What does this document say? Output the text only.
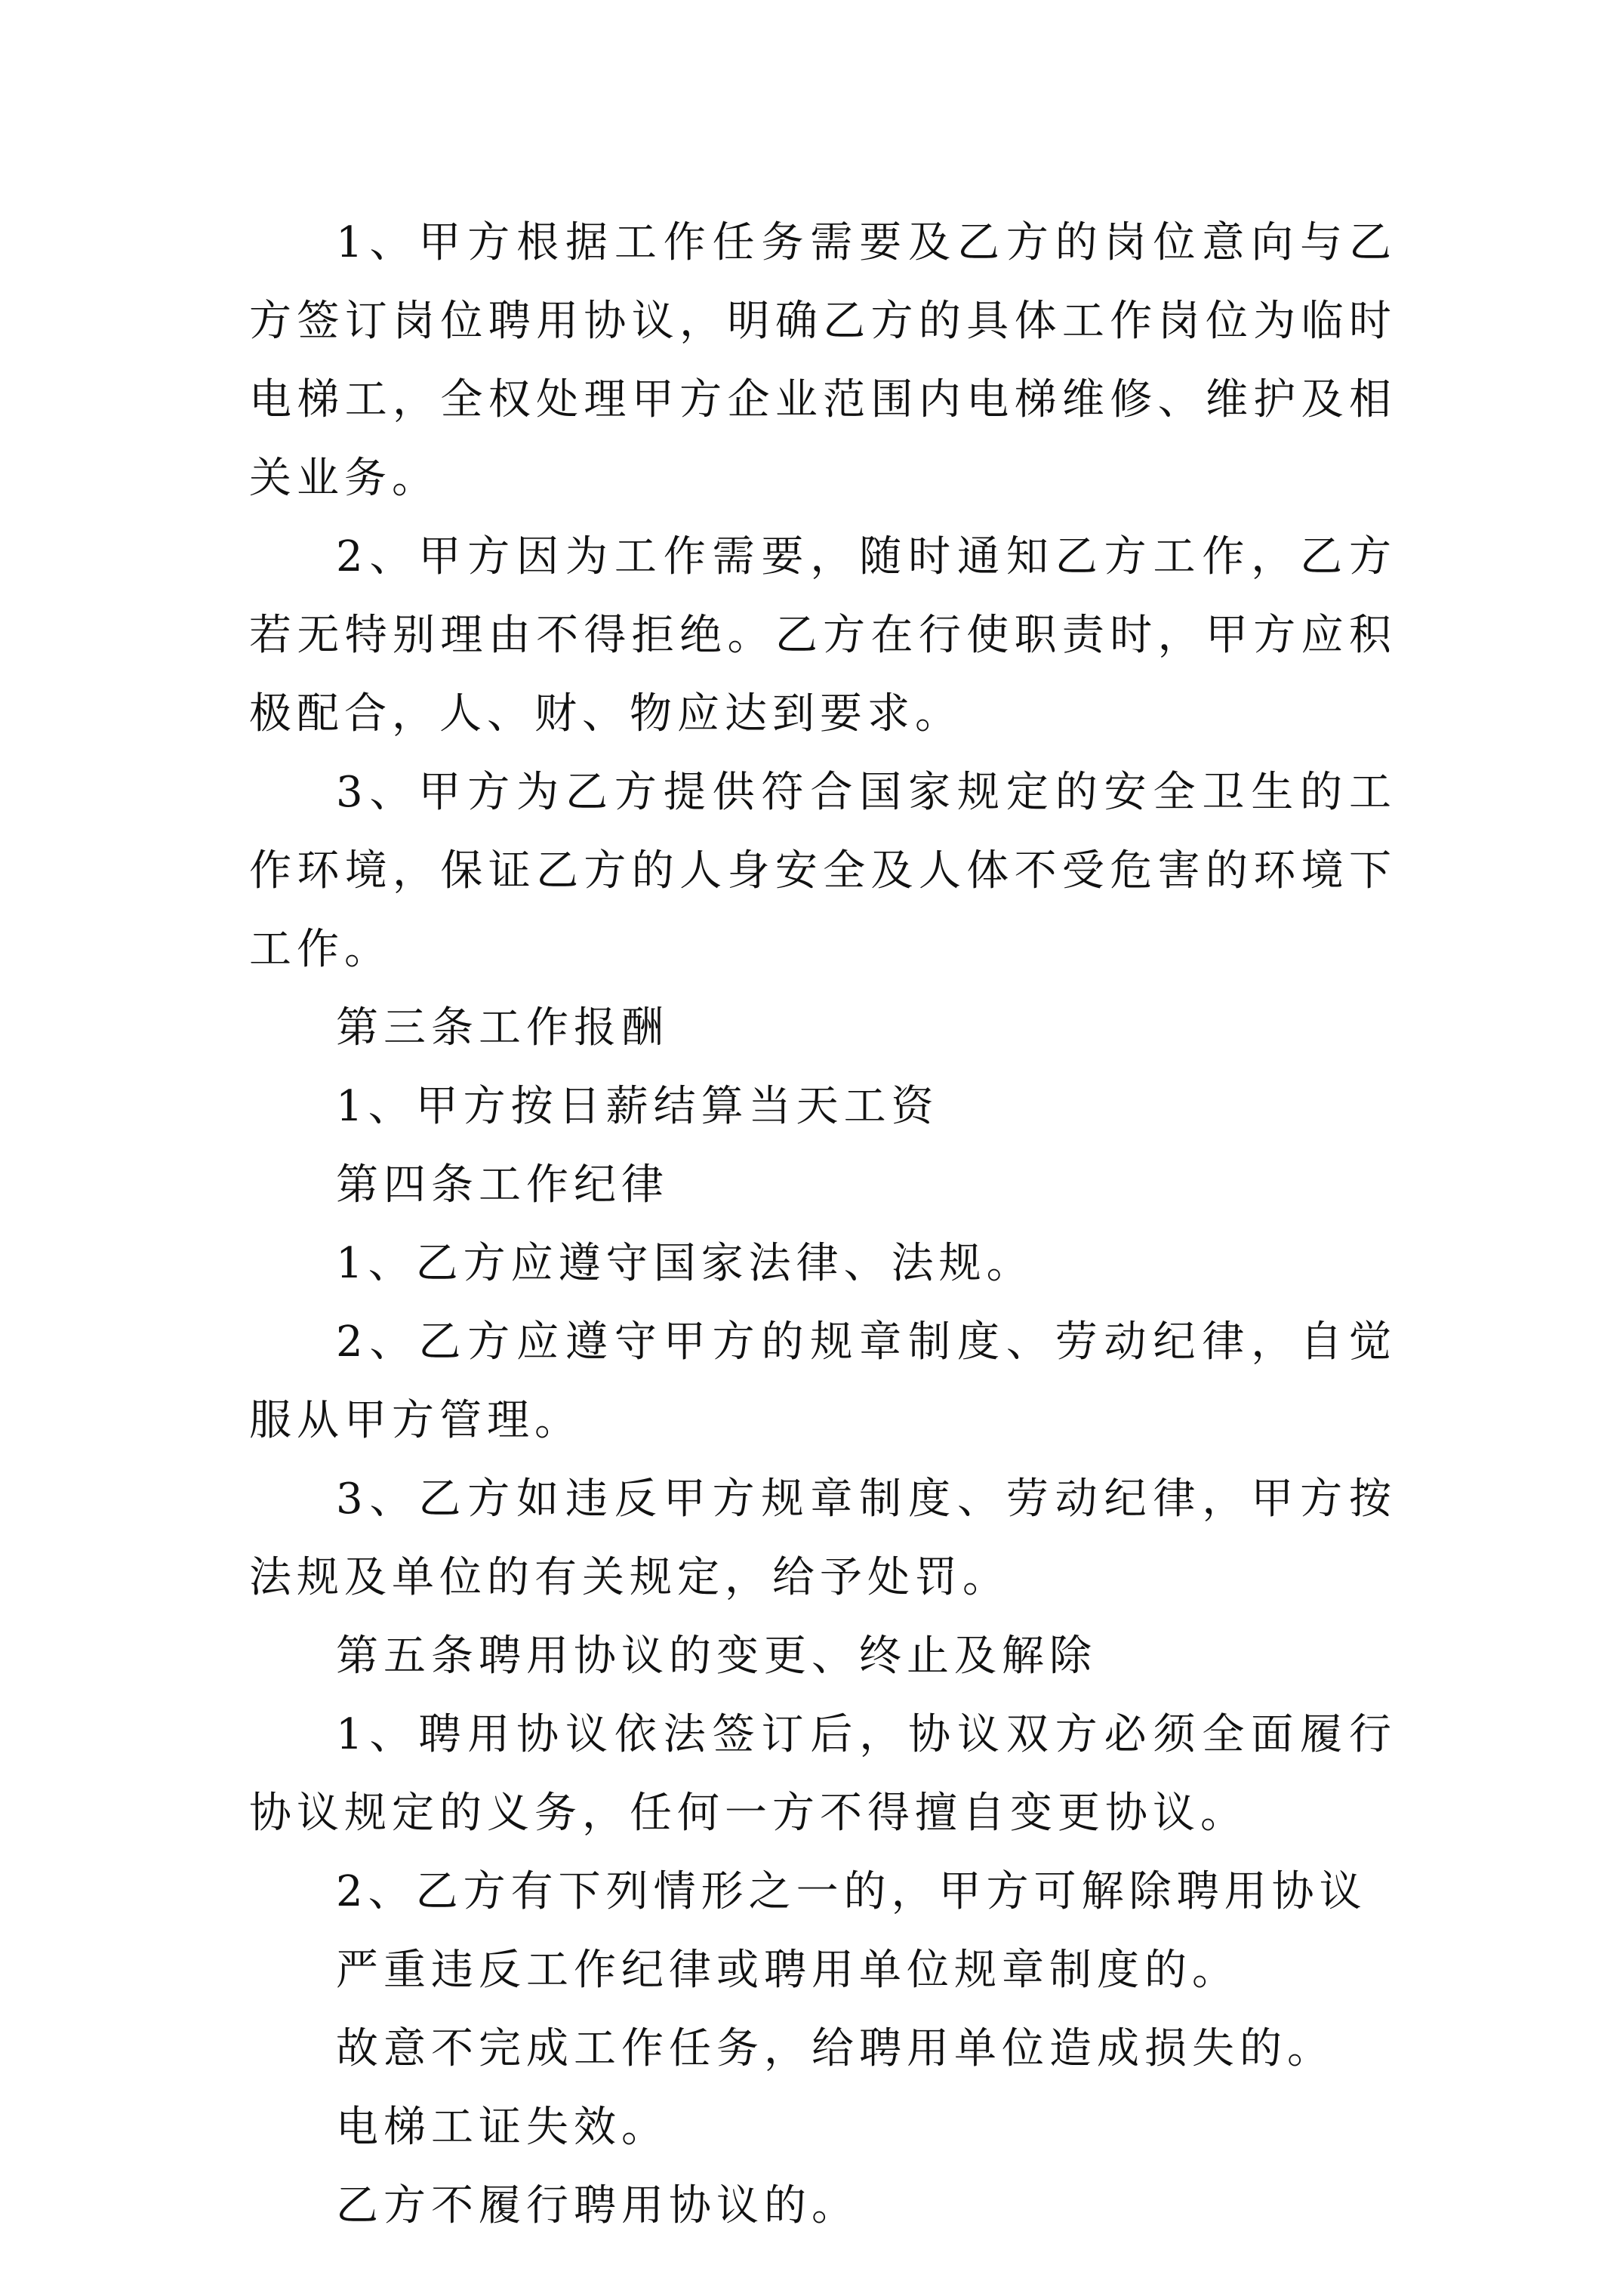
1、甲方根据工作任务需要及乙方的岗位意向与乙方签订岗位聘用协议，明确乙方的具体工作岗位为临时电梯工，全权处理甲方企业范围内电梯维修、维护及相关业务。

2、甲方因为工作需要，随时通知乙方工作，乙方若无特别理由不得拒绝。乙方在行使职责时，甲方应积极配合，人、财、物应达到要求。

3、甲方为乙方提供符合国家规定的安全卫生的工作环境，保证乙方的人身安全及人体不受危害的环境下工作。

第三条工作报酬

1、甲方按日薪结算当天工资

第四条工作纪律

1、乙方应遵守国家法律、法规。

2、乙方应遵守甲方的规章制度、劳动纪律，自觉服从甲方管理。

3、乙方如违反甲方规章制度、劳动纪律，甲方按法规及单位的有关规定，给予处罚。

第五条聘用协议的变更、终止及解除

1、聘用协议依法签订后，协议双方必须全面履行协议规定的义务，任何一方不得擅自变更协议。

2、乙方有下列情形之一的，甲方可解除聘用协议

严重违反工作纪律或聘用单位规章制度的。

故意不完成工作任务，给聘用单位造成损失的。

电梯工证失效。

乙方不履行聘用协议的。
